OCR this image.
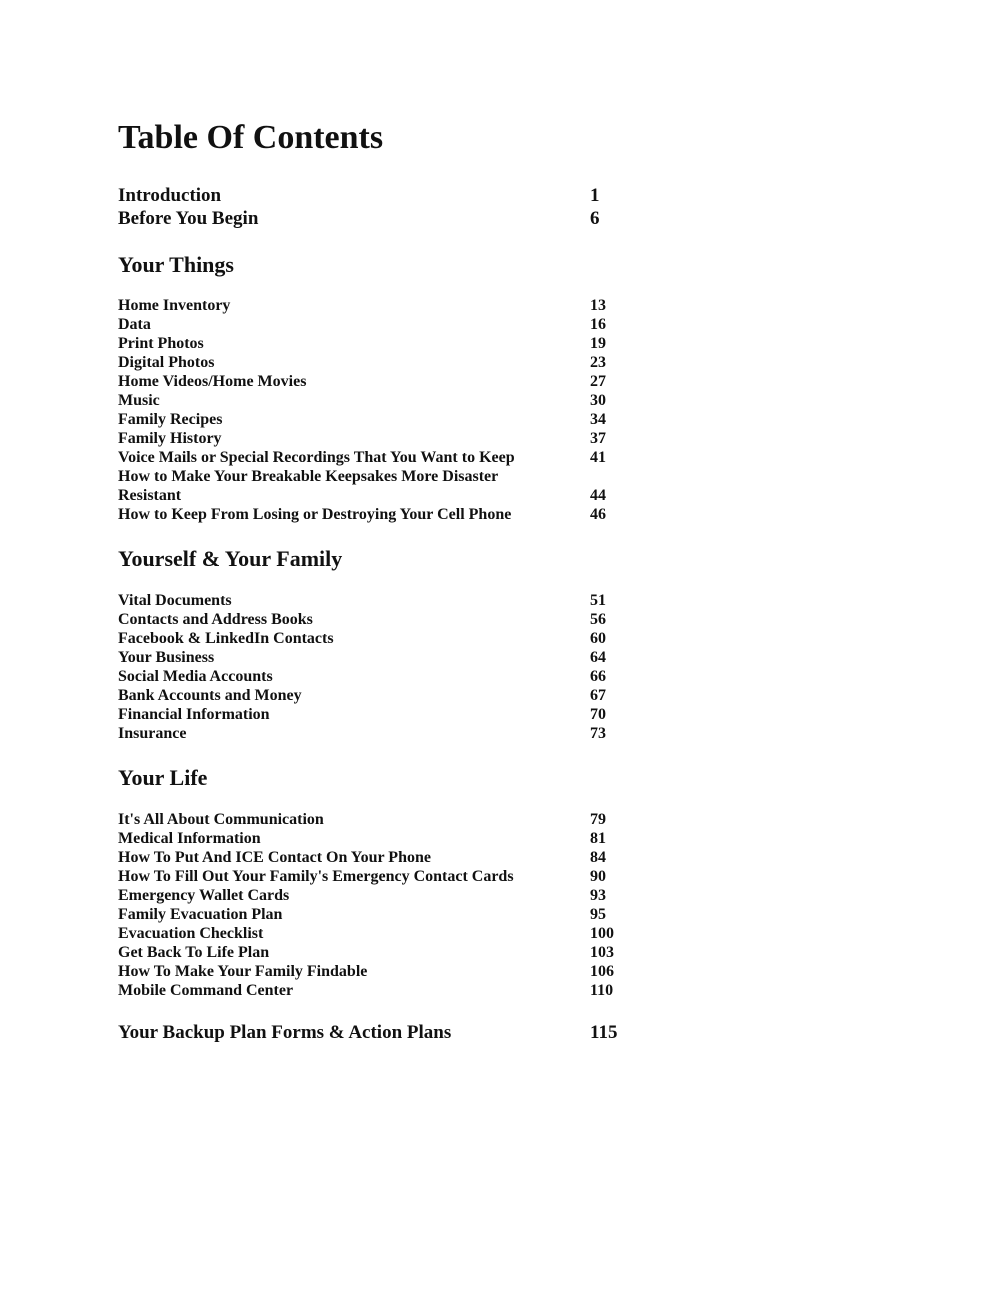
Table Of Contents
Introduction	1
Before You Begin	6
Your Things
Home Inventory	13
Data	16
Print Photos	19
Digital Photos	23
Home Videos/Home Movies	27
Music	30
Family Recipes	34
Family History	37
Voice Mails or Special Recordings That You Want to Keep	41
How to Make Your Breakable Keepsakes More Disaster
Resistant	44
How to Keep From Losing or Destroying Your Cell Phone	46
Yourself & Your Family
Vital Documents	51
Contacts and Address Books	56
Facebook & LinkedIn Contacts	60
Your Business	64
Social Media Accounts	66
Bank Accounts and Money	67
Financial Information	70
Insurance	73
Your Life
It's All About Communication	79
Medical Information	81
How To Put And ICE Contact On Your Phone	84
How To Fill Out Your Family's Emergency Contact Cards	90
Emergency Wallet Cards	93
Family Evacuation Plan	95
Evacuation Checklist	100
Get Back To Life Plan	103
How To Make Your Family Findable	106
Mobile Command Center	110
Your Backup Plan Forms & Action Plans	115
